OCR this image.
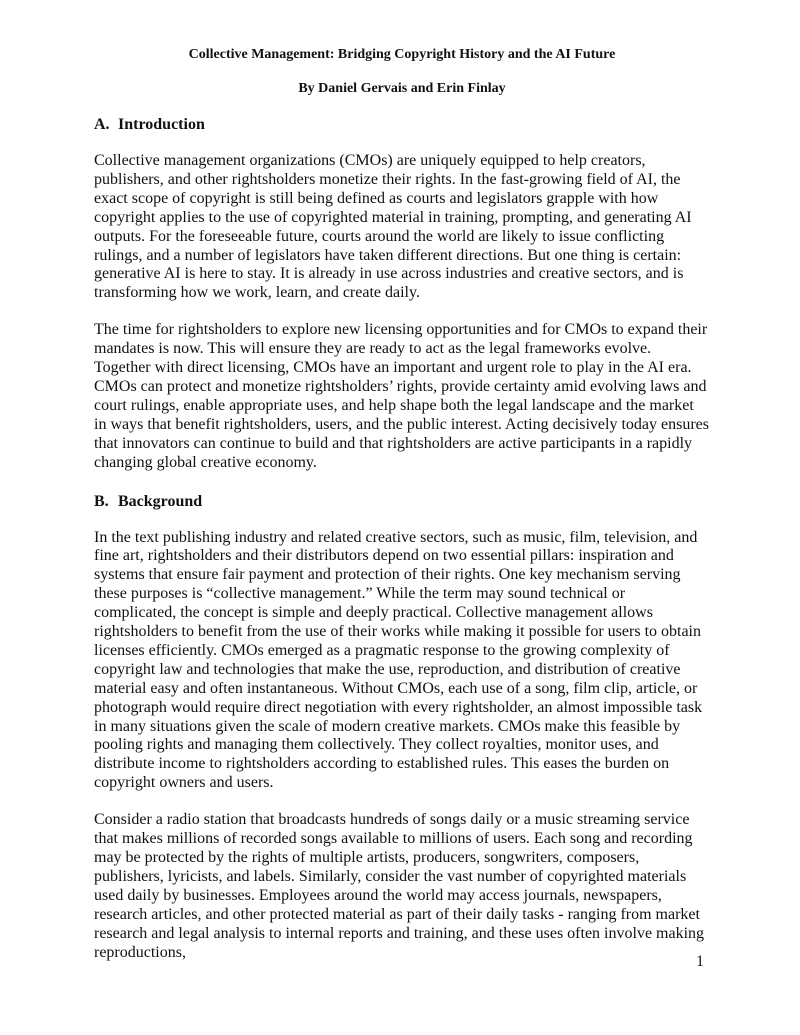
Collective Management: Bridging Copyright History and the AI Future

By Daniel Gervais and Erin Finlay

A. Introduction

Collective management organizations (CMOs) are uniquely equipped to help creators, publishers, and other rightsholders monetize their rights. In the fast-growing field of AI, the exact scope of copyright is still being defined as courts and legislators grapple with how copyright applies to the use of copyrighted material in training, prompting, and generating AI outputs. For the foreseeable future, courts around the world are likely to issue conflicting rulings, and a number of legislators have taken different directions. But one thing is certain: generative AI is here to stay. It is already in use across industries and creative sectors, and is transforming how we work, learn, and create daily.

The time for rightsholders to explore new licensing opportunities and for CMOs to expand their mandates is now. This will ensure they are ready to act as the legal frameworks evolve. Together with direct licensing, CMOs have an important and urgent role to play in the AI era. CMOs can protect and monetize rightsholders’ rights, provide certainty amid evolving laws and court rulings, enable appropriate uses, and help shape both the legal landscape and the market in ways that benefit rightsholders, users, and the public interest. Acting decisively today ensures that innovators can continue to build and that rightsholders are active participants in a rapidly changing global creative economy.

B. Background

In the text publishing industry and related creative sectors, such as music, film, television, and fine art, rightsholders and their distributors depend on two essential pillars: inspiration and systems that ensure fair payment and protection of their rights. One key mechanism serving these purposes is “collective management.” While the term may sound technical or complicated, the concept is simple and deeply practical. Collective management allows rightsholders to benefit from the use of their works while making it possible for users to obtain licenses efficiently. CMOs emerged as a pragmatic response to the growing complexity of copyright law and technologies that make the use, reproduction, and distribution of creative material easy and often instantaneous. Without CMOs, each use of a song, film clip, article, or photograph would require direct negotiation with every rightsholder, an almost impossible task in many situations given the scale of modern creative markets. CMOs make this feasible by pooling rights and managing them collectively. They collect royalties, monitor uses, and distribute income to rightsholders according to established rules. This eases the burden on copyright owners and users.

Consider a radio station that broadcasts hundreds of songs daily or a music streaming service that makes millions of recorded songs available to millions of users. Each song and recording may be protected by the rights of multiple artists, producers, songwriters, composers, publishers, lyricists, and labels. Similarly, consider the vast number of copyrighted materials used daily by businesses. Employees around the world may access journals, newspapers, research articles, and other protected material as part of their daily tasks - ranging from market research and legal analysis to internal reports and training, and these uses often involve making reproductions,

1
